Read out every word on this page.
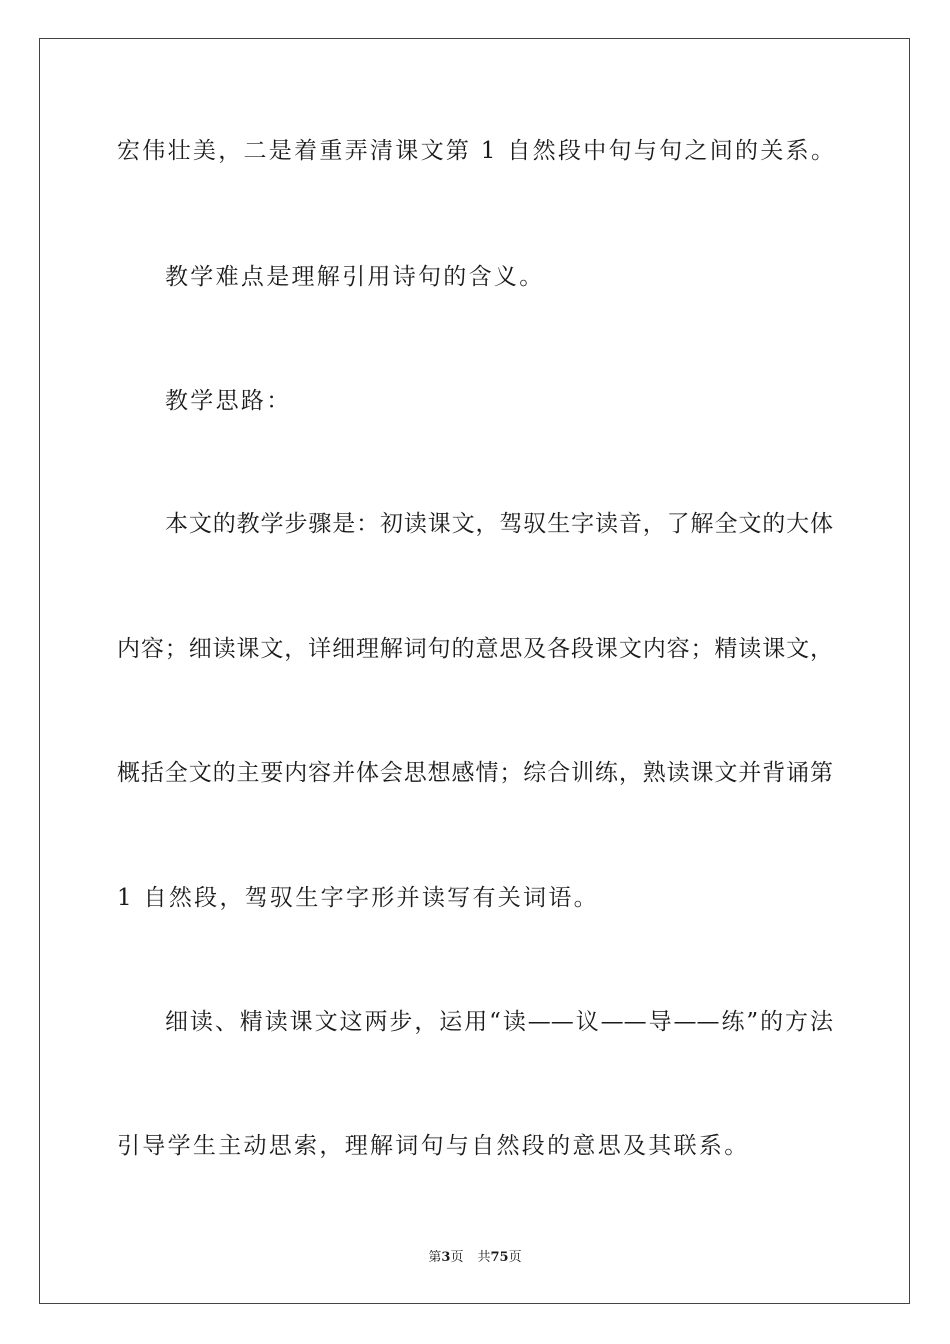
宏伟壮美，二是着重弄清课文第 1 自然段中句与句之间的关系。
教学难点是理解引用诗句的含义。
教学思路：
本文的教学步骤是：初读课文，驾驭生字读音，了解全文的大体
内容；细读课文，详细理解词句的意思及各段课文内容；精读课文，
概括全文的主要内容并体会思想感情；综合训练，熟读课文并背诵第
1 自然段，驾驭生字字形并读写有关词语。
细读、精读课文这两步，运用“读——议——导——练”的方法
引导学生主动思索，理解词句与自然段的意思及其联系。
第3页 共75页
